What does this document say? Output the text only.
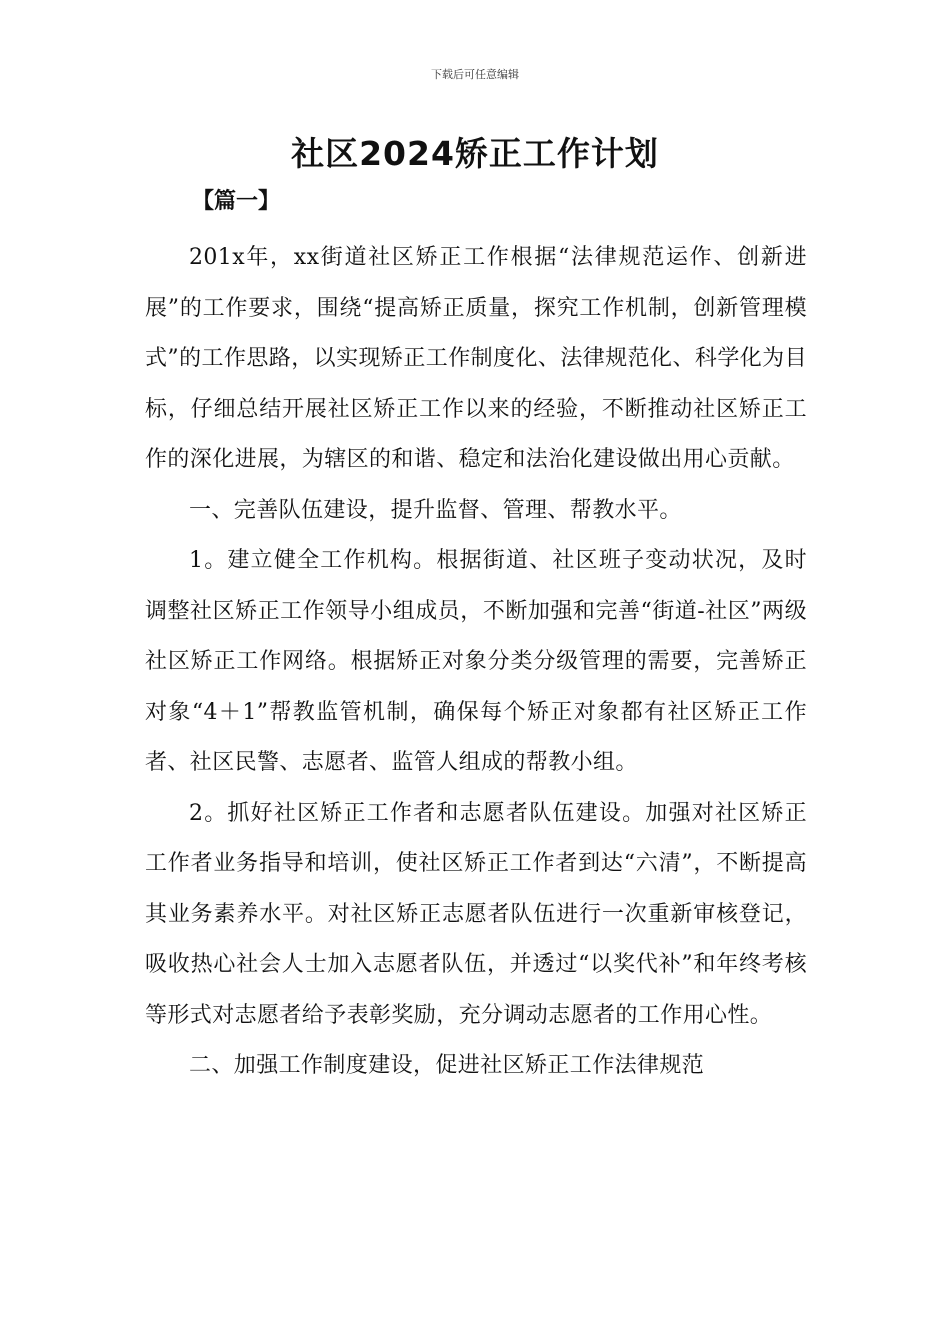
下载后可任意编辑
社区2024矫正工作计划
【篇一】

201x年，xx街道社区矫正工作根据“法律规范运作、创新进展”的工作要求，围绕“提高矫正质量，探究工作机制，创新管理模式”的工作思路，以实现矫正工作制度化、法律规范化、科学化为目标，仔细总结开展社区矫正工作以来的经验，不断推动社区矫正工作的深化进展，为辖区的和谐、稳定和法治化建设做出用心贡献。

一、完善队伍建设，提升监督、管理、帮教水平。

1。建立健全工作机构。根据街道、社区班子变动状况，及时调整社区矫正工作领导小组成员，不断加强和完善“街道-社区”两级社区矫正工作网络。根据矫正对象分类分级管理的需要，完善矫正对象“4＋1”帮教监管机制，确保每个矫正对象都有社区矫正工作者、社区民警、志愿者、监管人组成的帮教小组。

2。抓好社区矫正工作者和志愿者队伍建设。加强对社区矫正工作者业务指导和培训，使社区矫正工作者到达“六清”，不断提高其业务素养水平。对社区矫正志愿者队伍进行一次重新审核登记，吸收热心社会人士加入志愿者队伍，并透过“以奖代补”和年终考核等形式对志愿者给予表彰奖励，充分调动志愿者的工作用心性。

二、加强工作制度建设，促进社区矫正工作法律规范
